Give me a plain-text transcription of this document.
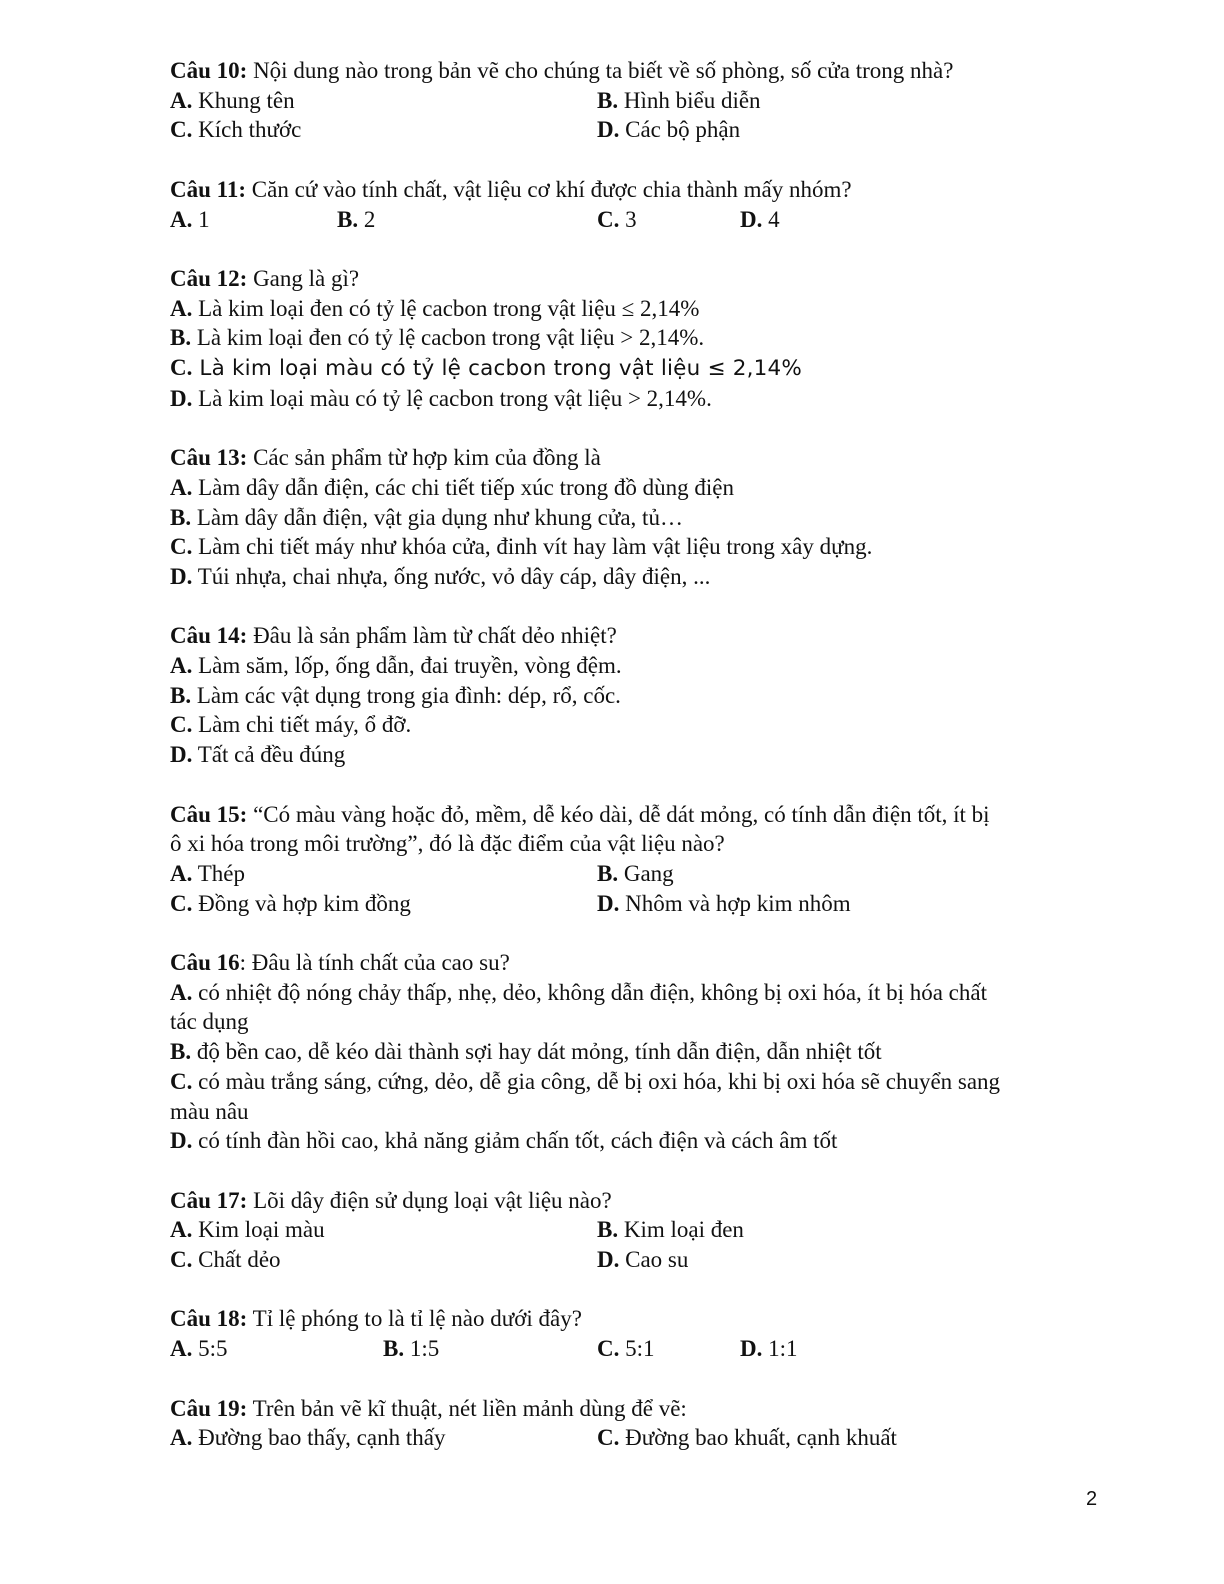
Câu 10: Nội dung nào trong bản vẽ cho chúng ta biết về số phòng, số cửa trong nhà?
A. Khung tên	B. Hình biểu diễn
C. Kích thước	D. Các bộ phận
Câu 11: Căn cứ vào tính chất, vật liệu cơ khí được chia thành mấy nhóm?
A. 1	B. 2	C. 3	D. 4
Câu 12: Gang là gì?
A. Là kim loại đen có tỷ lệ cacbon trong vật liệu ≤ 2,14%
B. Là kim loại đen có tỷ lệ cacbon trong vật liệu > 2,14%.
C. Là kim loại màu có tỷ lệ cacbon trong vật liệu ≤ 2,14%
D. Là kim loại màu có tỷ lệ cacbon trong vật liệu > 2,14%.
Câu 13: Các sản phẩm từ hợp kim của đồng là
A. Làm dây dẫn điện, các chi tiết tiếp xúc trong đồ dùng điện
B. Làm dây dẫn điện, vật gia dụng như khung cửa, tủ…
C. Làm chi tiết máy như khóa cửa, đinh vít hay làm vật liệu trong xây dựng.
D. Túi nhựa, chai nhựa, ống nước, vỏ dây cáp, dây điện, ...
Câu 14: Đâu là sản phẩm làm từ chất dẻo nhiệt?
A. Làm săm, lốp, ống dẫn, đai truyền, vòng đệm.
B. Làm các vật dụng trong gia đình: dép, rổ, cốc.
C. Làm chi tiết máy, ổ đỡ.
D. Tất cả đều đúng
Câu 15: “Có màu vàng hoặc đỏ, mềm, dễ kéo dài, dễ dát mỏng, có tính dẫn điện tốt, ít bị
ô xi hóa trong môi trường”, đó là đặc điểm của vật liệu nào?
A. Thép	B. Gang
C. Đồng và hợp kim đồng	D. Nhôm và hợp kim nhôm
Câu 16: Đâu là tính chất của cao su?
A. có nhiệt độ nóng chảy thấp, nhẹ, dẻo, không dẫn điện, không bị oxi hóa, ít bị hóa chất
tác dụng
B. độ bền cao, dễ kéo dài thành sợi hay dát mỏng, tính dẫn điện, dẫn nhiệt tốt
C. có màu trắng sáng, cứng, dẻo, dễ gia công, dễ bị oxi hóa, khi bị oxi hóa sẽ chuyển sang
màu nâu
D. có tính đàn hồi cao, khả năng giảm chấn tốt, cách điện và cách âm tốt
Câu 17: Lõi dây điện sử dụng loại vật liệu nào?
A. Kim loại màu	B. Kim loại đen
C. Chất dẻo	D. Cao su
Câu 18: Tỉ lệ phóng to là tỉ lệ nào dưới đây?
A. 5:5	B. 1:5	C. 5:1	D. 1:1
Câu 19: Trên bản vẽ kĩ thuật, nét liền mảnh dùng để vẽ:
A. Đường bao thấy, cạnh thấy	C. Đường bao khuất, cạnh khuất
2
